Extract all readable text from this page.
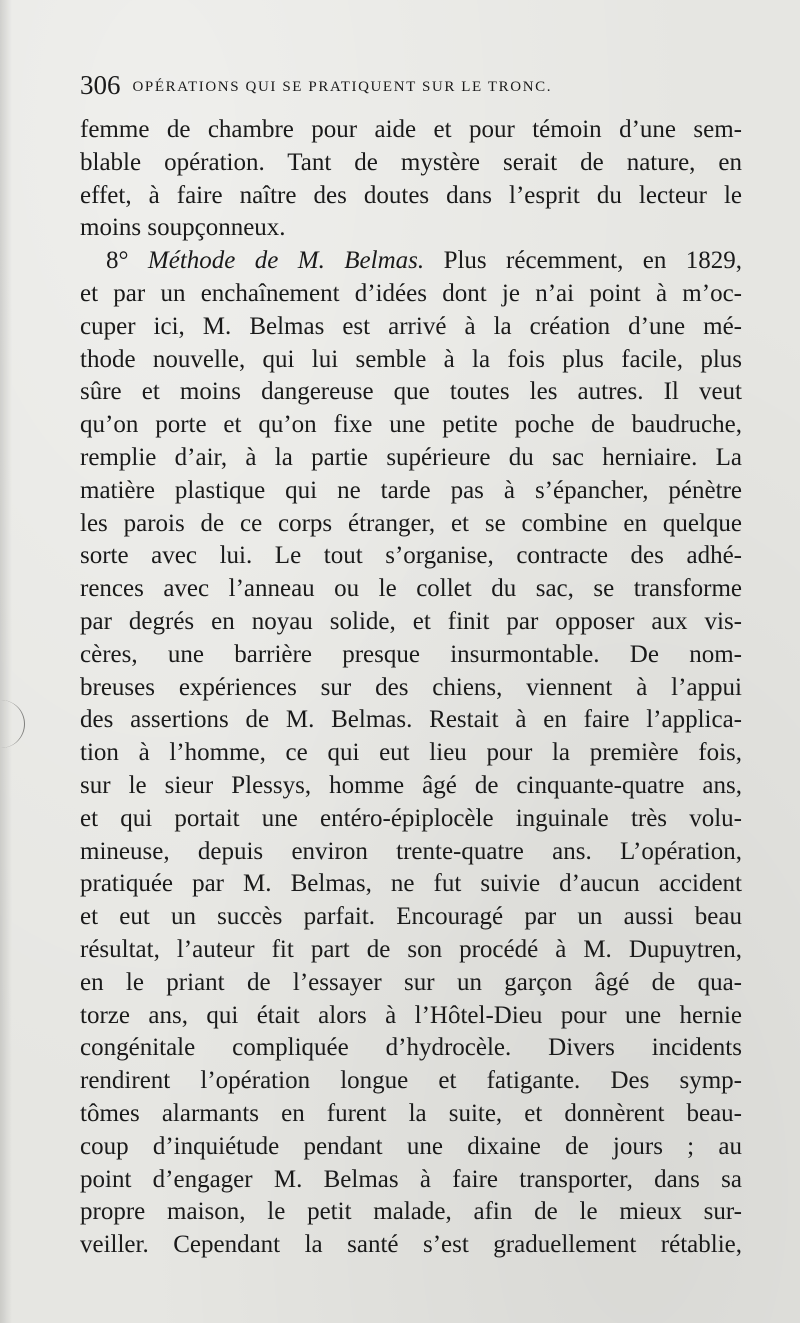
306 OPÉRATIONS QUI SE PRATIQUENT SUR LE TRONC.
femme de chambre pour aide et pour témoin d’une sem-
blable opération. Tant de mystère serait de nature, en
effet, à faire naître des doutes dans l’esprit du lecteur le
moins soupçonneux.
8° Méthode de M. Belmas. Plus récemment, en 1829,
et par un enchaînement d’idées dont je n’ai point à m’oc-
cuper ici, M. Belmas est arrivé à la création d’une mé-
thode nouvelle, qui lui semble à la fois plus facile, plus
sûre et moins dangereuse que toutes les autres. Il veut
qu’on porte et qu’on fixe une petite poche de baudruche,
remplie d’air, à la partie supérieure du sac herniaire. La
matière plastique qui ne tarde pas à s’épancher, pénètre
les parois de ce corps étranger, et se combine en quelque
sorte avec lui. Le tout s’organise, contracte des adhé-
rences avec l’anneau ou le collet du sac, se transforme
par degrés en noyau solide, et finit par opposer aux vis-
cères, une barrière presque insurmontable. De nom-
breuses expériences sur des chiens, viennent à l’appui
des assertions de M. Belmas. Restait à en faire l’applica-
tion à l’homme, ce qui eut lieu pour la première fois,
sur le sieur Plessys, homme âgé de cinquante-quatre ans,
et qui portait une entéro-épiplocèle inguinale très volu-
mineuse, depuis environ trente-quatre ans. L’opération,
pratiquée par M. Belmas, ne fut suivie d’aucun accident
et eut un succès parfait. Encouragé par un aussi beau
résultat, l’auteur fit part de son procédé à M. Dupuytren,
en le priant de l’essayer sur un garçon âgé de qua-
torze ans, qui était alors à l’Hôtel-Dieu pour une hernie
congénitale compliquée d’hydrocèle. Divers incidents
rendirent l’opération longue et fatigante. Des symp-
tômes alarmants en furent la suite, et donnèrent beau-
coup d’inquiétude pendant une dixaine de jours ; au
point d’engager M. Belmas à faire transporter, dans sa
propre maison, le petit malade, afin de le mieux sur-
veiller. Cependant la santé s’est graduellement rétablie,
